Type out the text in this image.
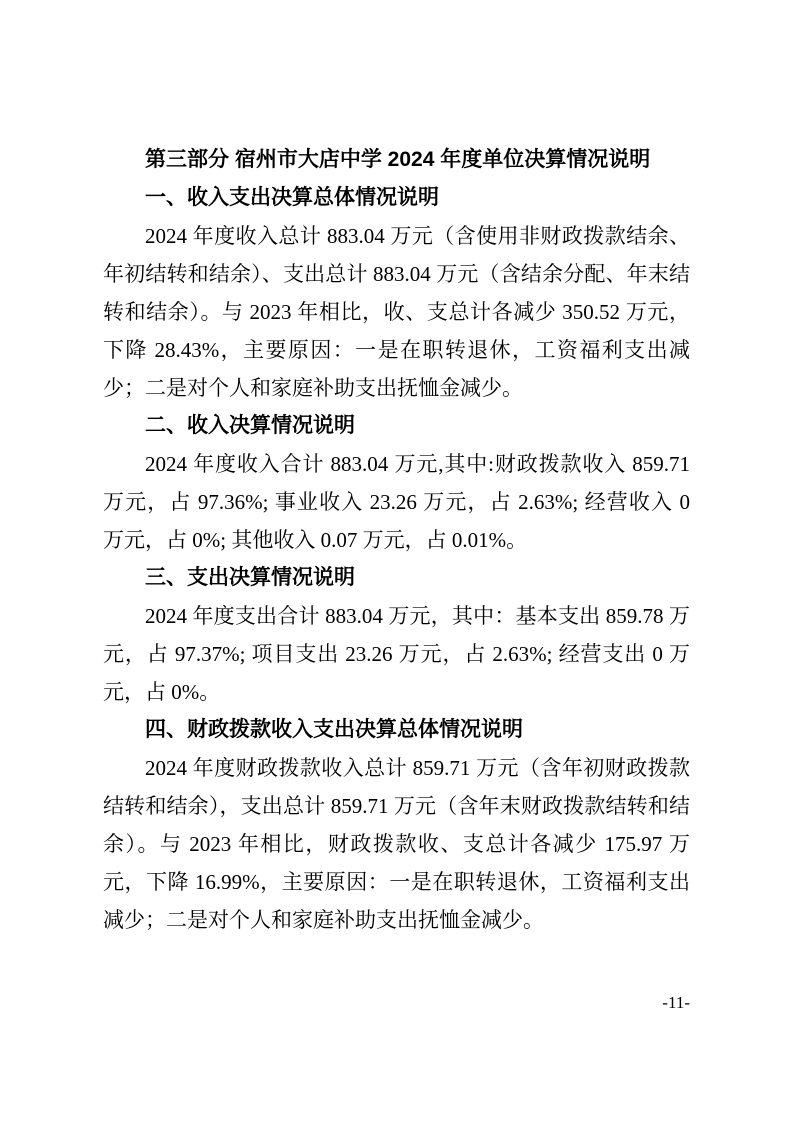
第三部分 宿州市大店中学 2024 年度单位决算情况说明
一、收入支出决算总体情况说明

2024 年度收入总计 883.04 万元（含使用非财政拨款结余、年初结转和结余）、支出总计 883.04 万元（含结余分配、年末结转和结余）。与 2023 年相比，收、支总计各减少 350.52 万元，下降 28.43%，主要原因：一是在职转退休，工资福利支出减少；二是对个人和家庭补助支出抚恤金减少。

二、收入决算情况说明

2024 年度收入合计 883.04 万元,其中:财政拨款收入 859.71 万元，占 97.36%; 事业收入 23.26 万元，占 2.63%; 经营收入 0 万元，占 0%; 其他收入 0.07 万元，占 0.01%。

三、支出决算情况说明

2024 年度支出合计 883.04 万元，其中：基本支出 859.78 万元，占 97.37%; 项目支出 23.26 万元，占 2.63%; 经营支出 0 万元，占 0%。

四、财政拨款收入支出决算总体情况说明

2024 年度财政拨款收入总计 859.71 万元（含年初财政拨款结转和结余），支出总计 859.71 万元（含年末财政拨款结转和结余）。与 2023 年相比，财政拨款收、支总计各减少 175.97 万元，下降 16.99%，主要原因：一是在职转退休，工资福利支出减少；二是对个人和家庭补助支出抚恤金减少。

-11-
